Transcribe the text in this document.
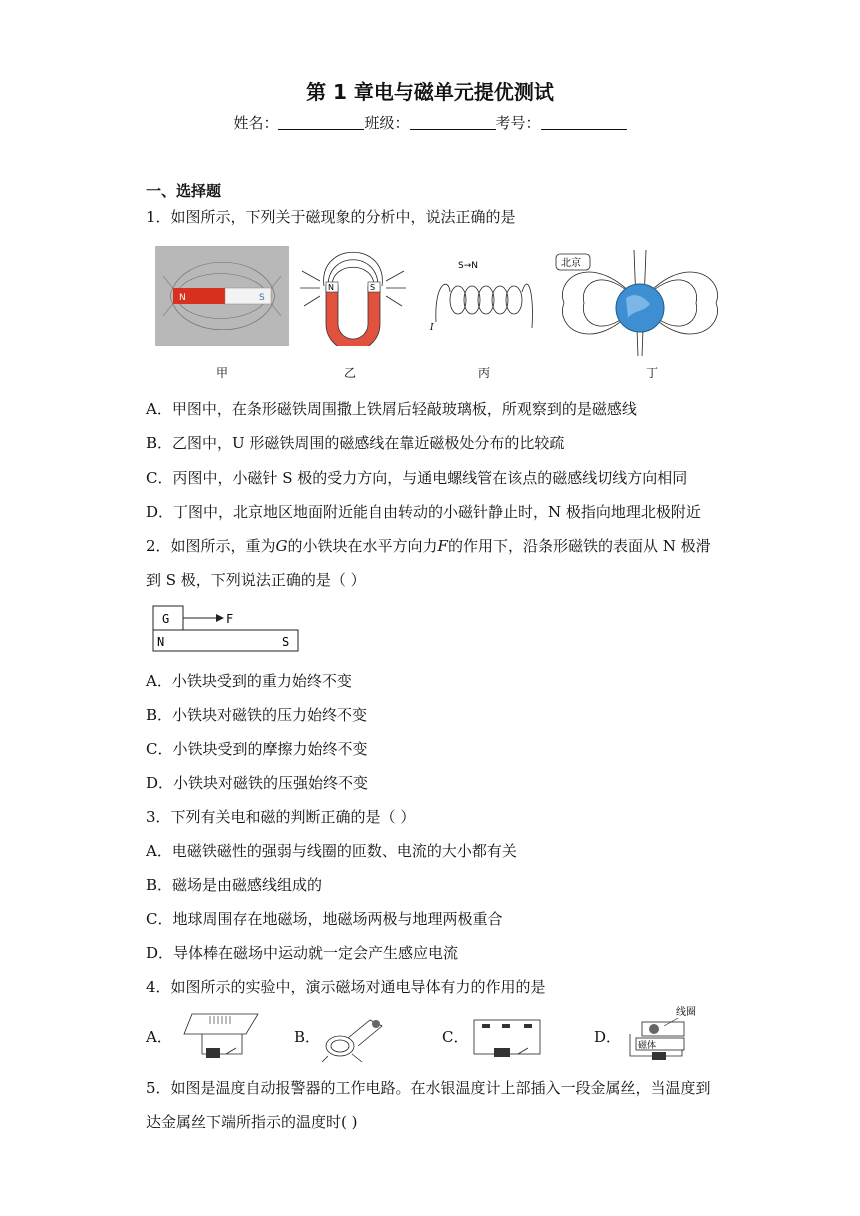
第 1 章电与磁单元提优测试
姓名：	班级：	考号：
一、选择题
1．如图所示，下列关于磁现象的分析中，说法正确的是
N	S
甲
N	S
乙
S→N
I
丙
北京
丁
A．甲图中，在条形磁铁周围撒上铁屑后轻敲玻璃板，所观察到的是磁感线
B．乙图中，U 形磁铁周围的磁感线在靠近磁极处分布的比较疏
C．丙图中，小磁针 S 极的受力方向，与通电螺线管在该点的磁感线切线方向相同
D．丁图中，北京地区地面附近能自由转动的小磁针静止时，N 极指向地理北极附近
2．如图所示，重为G的小铁块在水平方向力F的作用下，沿条形磁铁的表面从 N 极滑
到 S 极，下列说法正确的是（ ）
G	F
N	S
A．小铁块受到的重力始终不变
B．小铁块对磁铁的压力始终不变
C．小铁块受到的摩擦力始终不变
D．小铁块对磁铁的压强始终不变
3．下列有关电和磁的判断正确的是（ ）
A．电磁铁磁性的强弱与线圈的匝数、电流的大小都有关
B．磁场是由磁感线组成的
C．地球周围存在地磁场，地磁场两极与地理两极重合
D．导体棒在磁场中运动就一定会产生感应电流
4．如图所示的实验中，演示磁场对通电导体有力的作用的是
A．	B．	C．	D．
线圈
磁体
5．如图是温度自动报警器的工作电路。在水银温度计上部插入一段金属丝，当温度到
达金属丝下端所指示的温度时( )
